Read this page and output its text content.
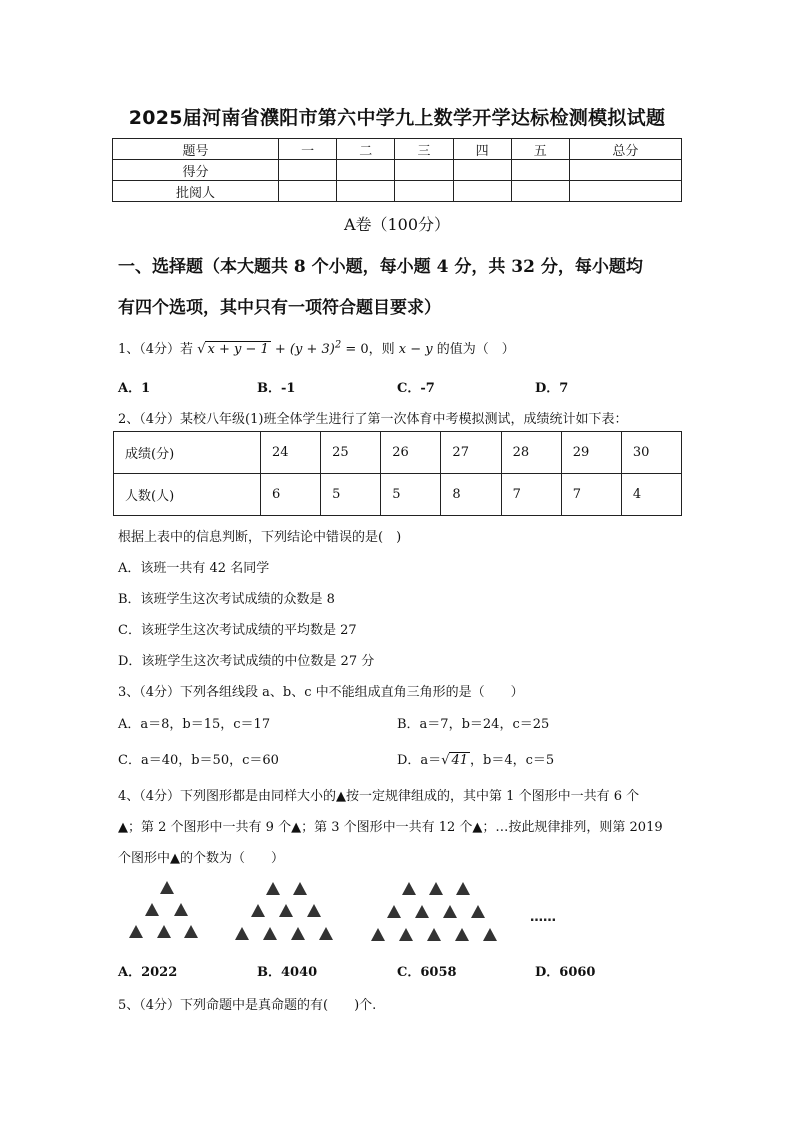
2025届河南省濮阳市第六中学九上数学开学达标检测模拟试题
题号	一	二	三	四	五	总分
得分						
批阅人						
A卷（100分）
一、选择题（本大题共 8 个小题，每小题 4 分，共 32 分，每小题均
有四个选项，其中只有一项符合题目要求）
1、（4分）若 √ $x + y - 1 + (y + 3)^2 = 0$，则 x − y 的值为（　）
A．1	B．-1	C．-7	D．7
2、（4分）某校八年级(1)班全体学生进行了第一次体育中考模拟测试，成绩统计如下表：
成绩(分)	24	25	26	27	28	29	30
人数(人)	6	5	5	8	7	7	4
根据上表中的信息判断，下列结论中错误的是(　)
A．该班一共有 42 名同学
B．该班学生这次考试成绩的众数是 8
C．该班学生这次考试成绩的平均数是 27
D．该班学生这次考试成绩的中位数是 27 分
3、（4分）下列各组线段 a、b、c 中不能组成直角三角形的是（　　）
A．a＝8，b＝15，c＝17	B．a＝7，b＝24，c＝25
C．a＝40，b＝50，c＝60	D．a＝√ 41 ，b＝4，c＝5
4、（4分）下列图形都是由同样大小的▲按一定规律组成的，其中第 1 个图形中一共有 6 个
▲；第 2 个图形中一共有 9 个▲；第 3 个图形中一共有 12 个▲；…按此规律排列，则第 2019
个图形中▲的个数为（　　）
……
A．2022	B．4040	C．6058	D．6060
5、（4分）下列命题中是真命题的有(　　)个.
